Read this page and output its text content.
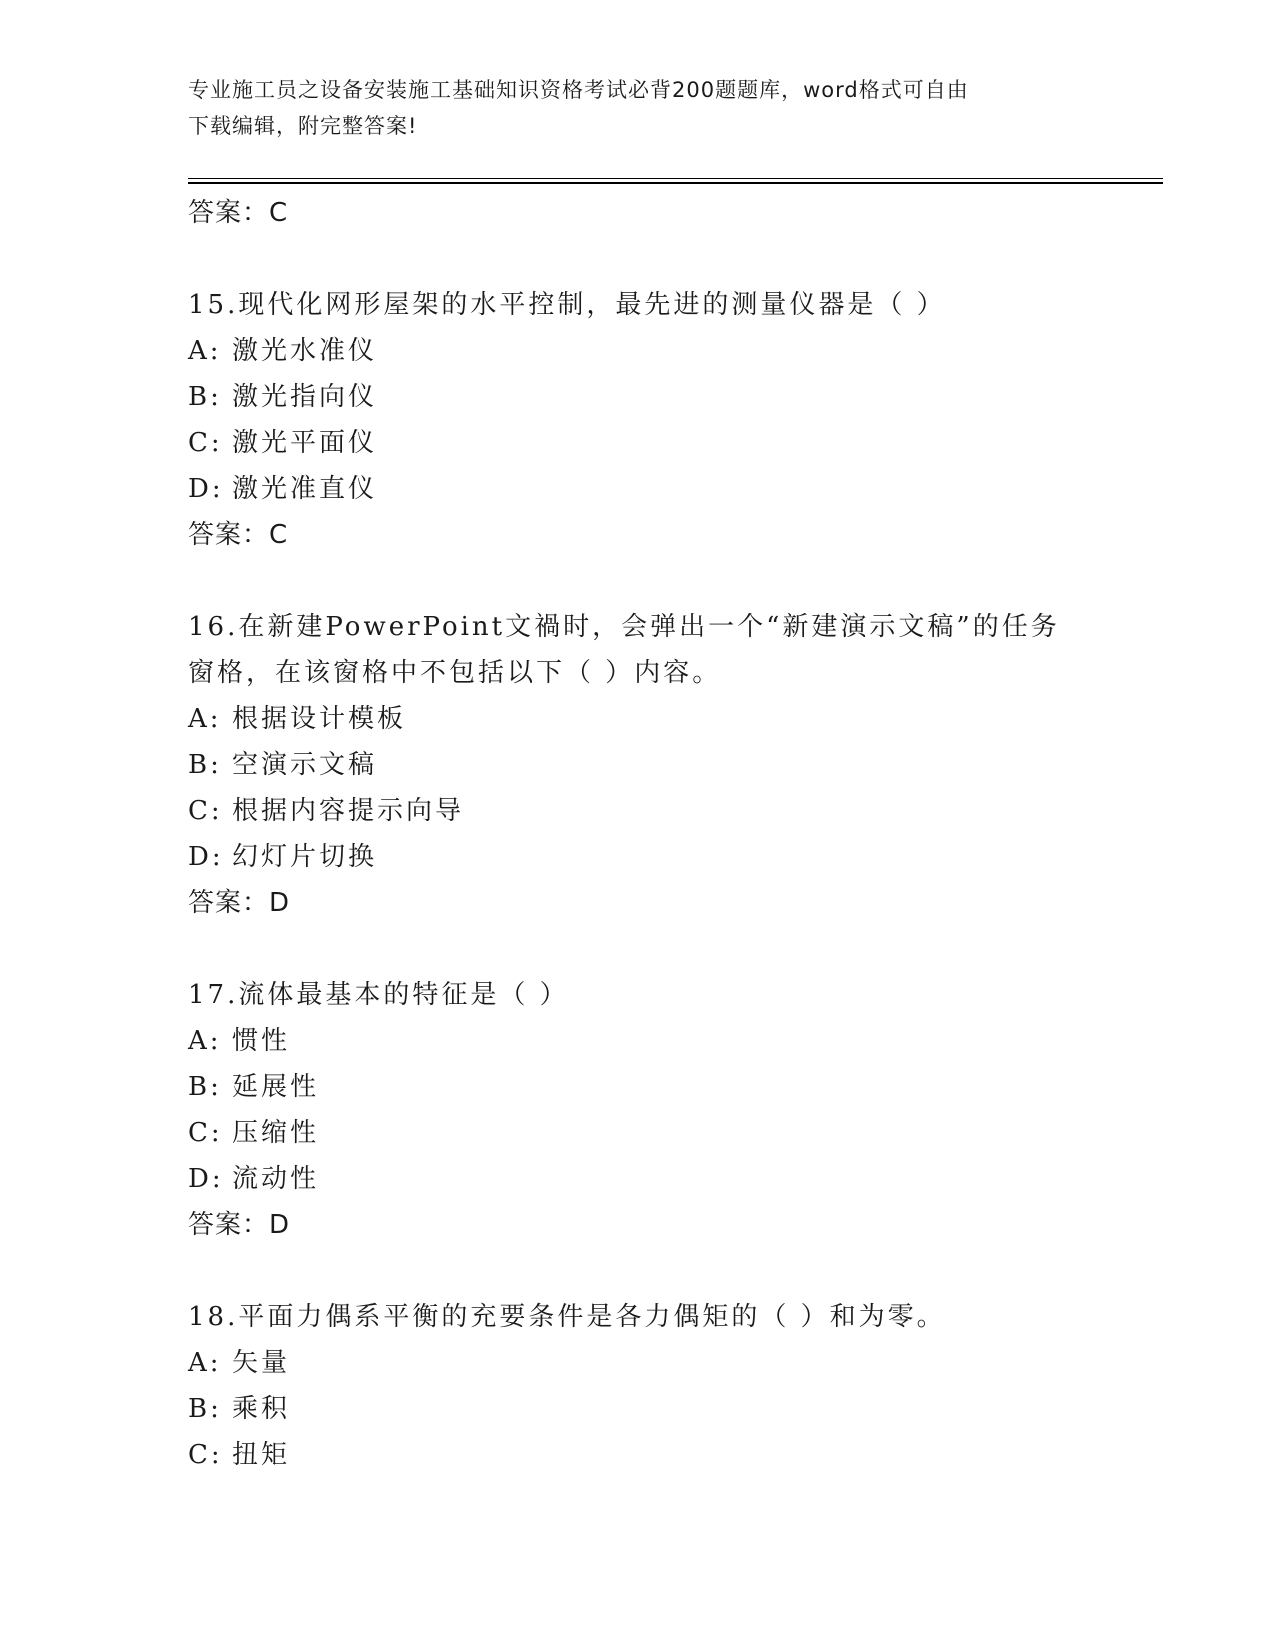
专业施工员之设备安装施工基础知识资格考试必背200题题库，word格式可自由
下载编辑，附完整答案!
答案：C
15.现代化网形屋架的水平控制，最先进的测量仪器是（ ）
A: 激光水准仪
B: 激光指向仪
C: 激光平面仪
D: 激光准直仪
答案：C
16.在新建PowerPoint文禍时，会弹出一个“新建演示文稿”的任务
窗格，在该窗格中不包括以下（ ）内容。
A: 根据设计模板
B: 空演示文稿
C: 根据内容提示向导
D: 幻灯片切换
答案：D
17.流体最基本的特征是（ ）
A: 惯性
B: 延展性
C: 压缩性
D: 流动性
答案：D
18.平面力偶系平衡的充要条件是各力偶矩的（ ）和为零。
A: 矢量
B: 乘积
C: 扭矩
